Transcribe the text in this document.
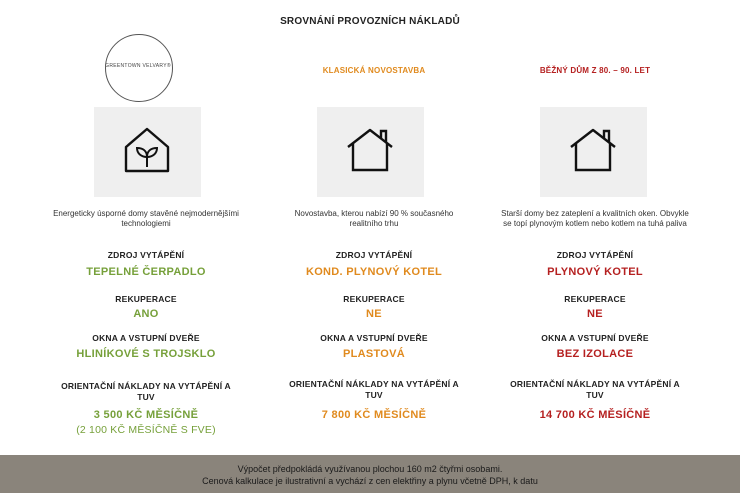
SROVNÁNÍ PROVOZNÍCH NÁKLADŮ
GREENTOWN VELVARY®
Energeticky úsporné domy stavěné nejmodernějšími technologiemi
ZDROJ VYTÁPĚNÍ
TEPELNÉ ČERPADLO
REKUPERACE
ANO
OKNA A VSTUPNÍ DVEŘE
HLINÍKOVÉ S TROJSKLO
ORIENTAČNÍ NÁKLADY NA VYTÁPĚNÍ A TUV
3 500 KČ MĚSÍČNĚ
(2 100 KČ MĚSÍČNĚ S FVE)
KLASICKÁ NOVOSTAVBA
Novostavba, kterou nabízí 90 % současného realitního trhu
ZDROJ VYTÁPĚNÍ
KOND. PLYNOVÝ KOTEL
REKUPERACE
NE
OKNA A VSTUPNÍ DVEŘE
PLASTOVÁ
ORIENTAČNÍ NÁKLADY NA VYTÁPĚNÍ A TUV
7 800 KČ MĚSÍČNĚ
BĚŽNÝ DŮM Z 80. – 90. LET
Starší domy bez zateplení a kvalitních oken. Obvykle se topí plynovým kotlem nebo kotlem na tuhá paliva
ZDROJ VYTÁPĚNÍ
PLYNOVÝ KOTEL
REKUPERACE
NE
OKNA A VSTUPNÍ DVEŘE
BEZ IZOLACE
ORIENTAČNÍ NÁKLADY NA VYTÁPĚNÍ A TUV
14 700 KČ MĚSÍČNĚ
Výpočet předpokládá využívanou plochou 160 m2 čtyřmi osobami.
Cenová kalkulace je ilustrativní a vychází z cen elektřiny a plynu včetně DPH, k datu
